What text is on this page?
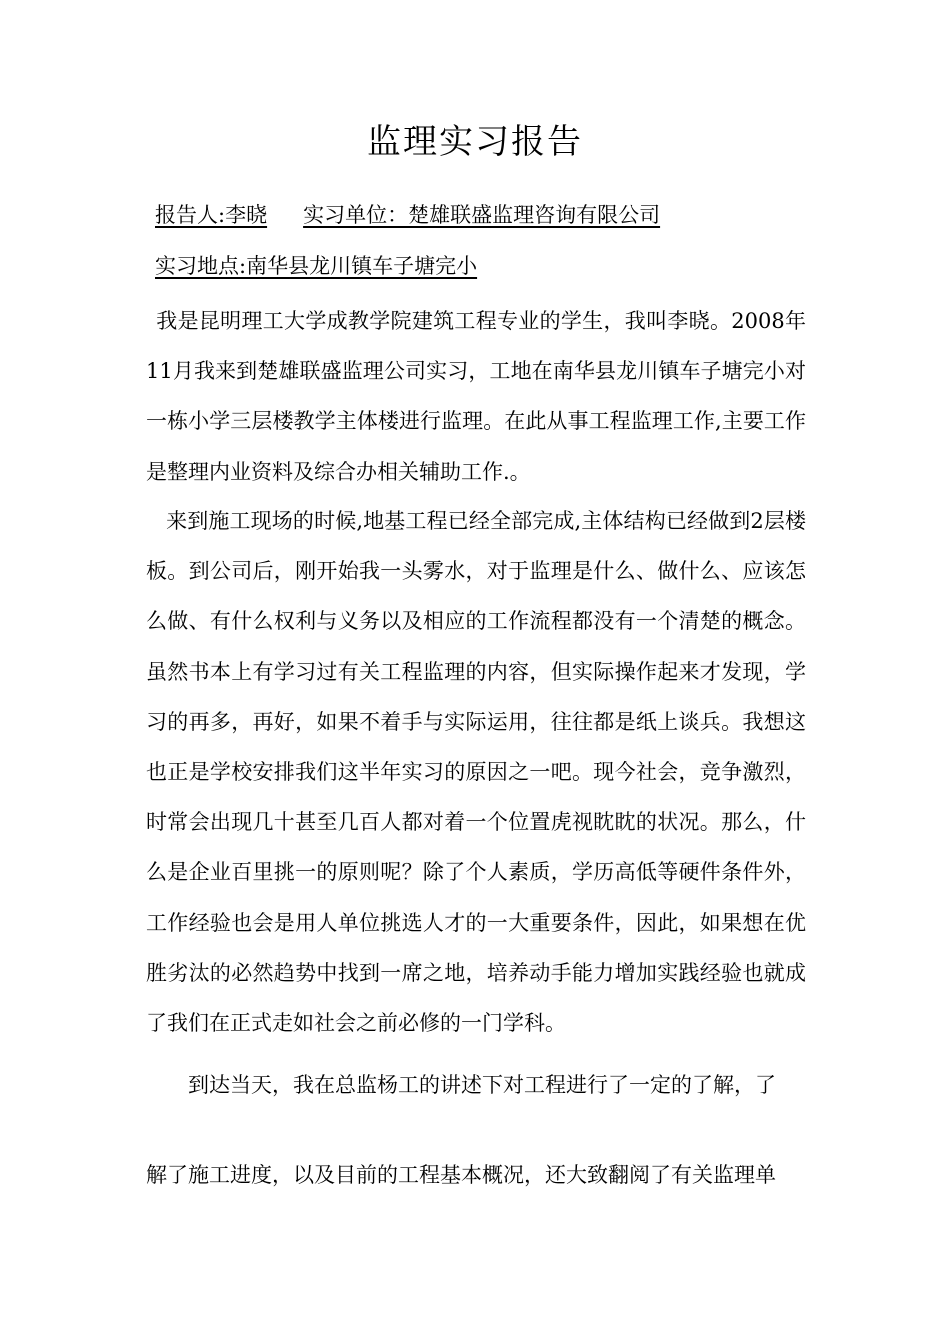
监理实习报告
报告人:李晓 实习单位：楚雄联盛监理咨询有限公司
实习地点:南华县龙川镇车子塘完小
我是昆明理工大学成教学院建筑工程专业的学生，我叫李晓。2008年11月我来到楚雄联盛监理公司实习，工地在南华县龙川镇车子塘完小对一栋小学三层楼教学主体楼进行监理。在此从事工程监理工作,主要工作是整理内业资料及综合办相关辅助工作.。
来到施工现场的时候,地基工程已经全部完成,主体结构已经做到2层楼板。到公司后，刚开始我一头雾水，对于监理是什么、做什么、应该怎么做、有什么权利与义务以及相应的工作流程都没有一个清楚的概念。虽然书本上有学习过有关工程监理的内容，但实际操作起来才发现，学习的再多，再好，如果不着手与实际运用，往往都是纸上谈兵。我想这也正是学校安排我们这半年实习的原因之一吧。现今社会，竞争激烈，时常会出现几十甚至几百人都对着一个位置虎视眈眈的状况。那么，什么是企业百里挑一的原则呢？除了个人素质，学历高低等硬件条件外，工作经验也会是用人单位挑选人才的一大重要条件，因此，如果想在优胜劣汰的必然趋势中找到一席之地，培养动手能力增加实践经验也就成了我们在正式走如社会之前必修的一门学科。
到达当天，我在总监杨工的讲述下对工程进行了一定的了解，了
解了施工进度，以及目前的工程基本概况，还大致翻阅了有关监理单
